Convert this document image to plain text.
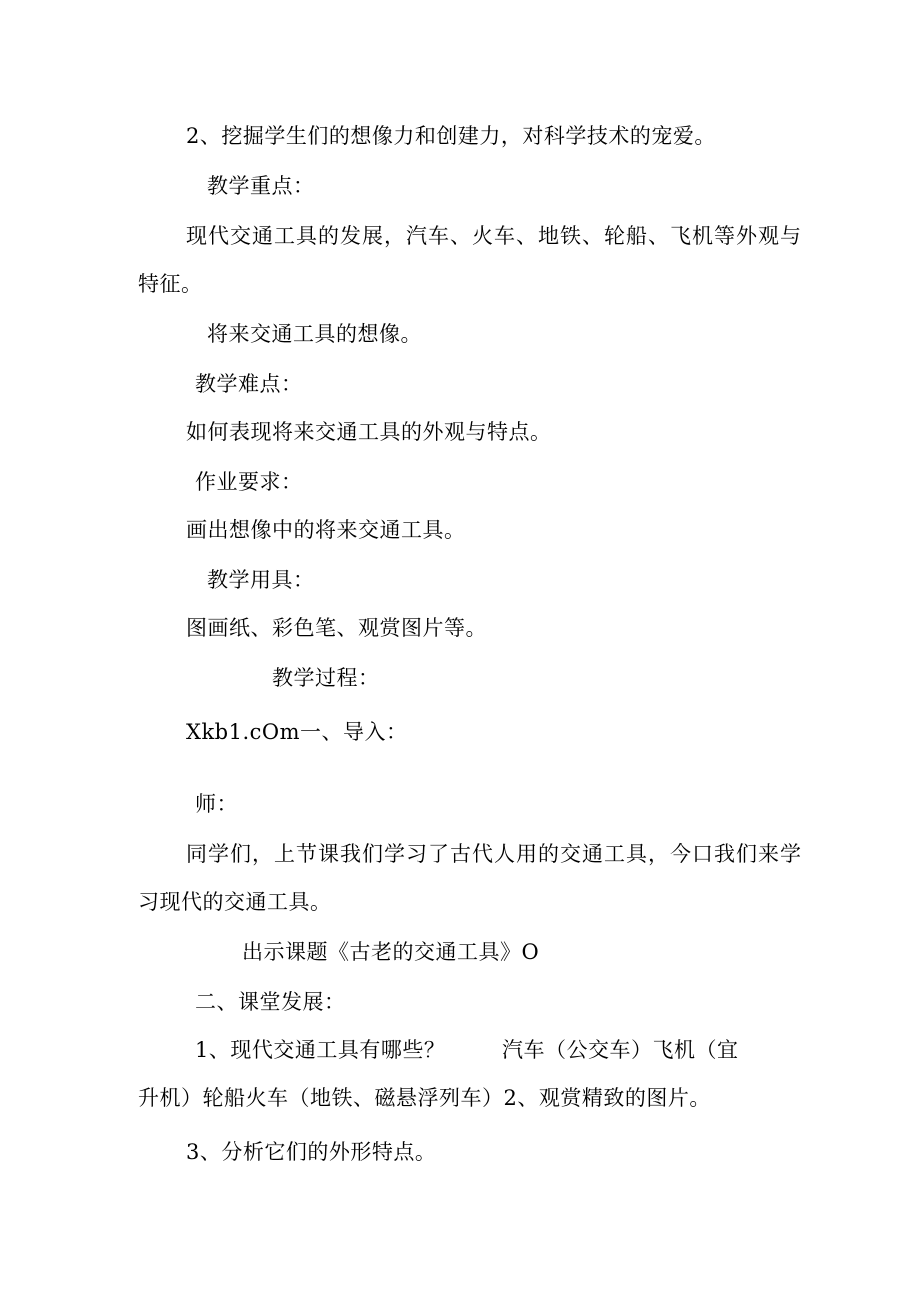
2、挖掘学生们的想像力和创建力，对科学技术的宠爱。
教学重点：
现代交通工具的发展，汽车、火车、地铁、轮船、飞机等外观与
特征。
将来交通工具的想像。
教学难点：
如何表现将来交通工具的外观与特点。
作业要求：
画出想像中的将来交通工具。
教学用具：
图画纸、彩色笔、观赏图片等。
教学过程：
Xkb1.cOm一、导入：
师：
同学们，上节课我们学习了古代人用的交通工具，今口我们来学
习现代的交通工具。
出示课题《古老的交通工具》O
二、课堂发展：
1、现代交通工具有哪些？	汽车（公交车）飞机（宜
升机）轮船火车（地铁、磁悬浮列车）2、观赏精致的图片。
3、分析它们的外形特点。
